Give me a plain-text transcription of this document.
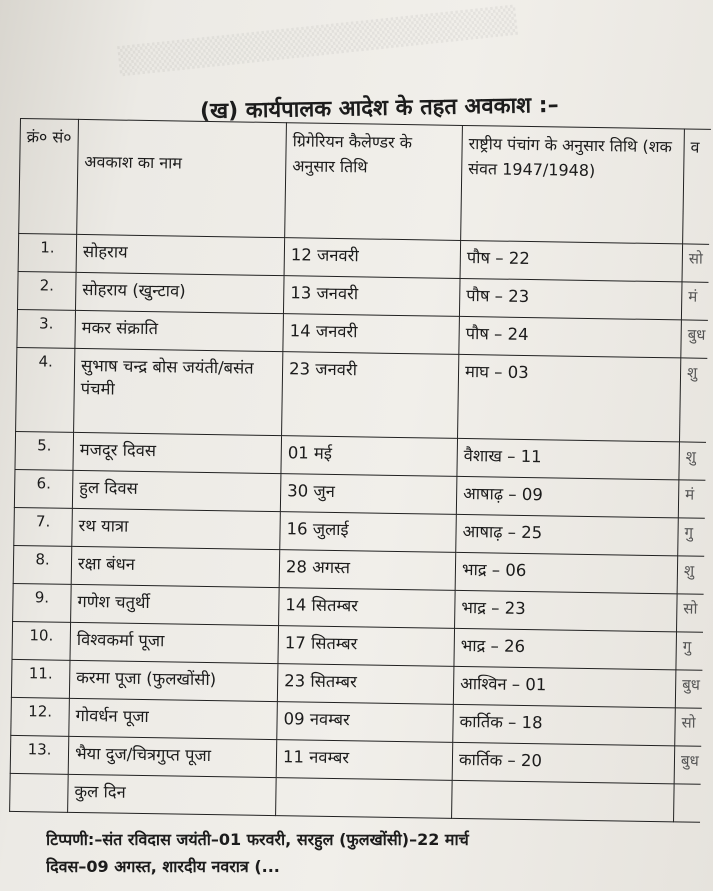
▒▒▒▒▒▒▒▒▒▒▒▒▒▒▒▒▒▒▒▒
(ख) कार्यपालक आदेश के तहत अवकाश :–
क्रं० सं०	अवकाश का नाम	ग्रिगेरियन कैलेण्डर के अनुसार तिथि	राष्ट्रीय पंचांग के अनुसार तिथि (शक संवत 1947/1948)	व
1.	सोहराय	12 जनवरी	पौष – 22	सो
2.	सोहराय (खुन्टाव)	13 जनवरी	पौष – 23	मं
3.	मकर संक्राति	14 जनवरी	पौष – 24	बुध
4.	सुभाष चन्द्र बोस जयंती/बसंत पंचमी	23 जनवरी	माघ – 03	शु
5.	मजदूर दिवस	01 मई	वैशाख – 11	शु
6.	हुल दिवस	30 जुन	आषाढ़ – 09	मं
7.	रथ यात्रा	16 जुलाई	आषाढ़ – 25	गु
8.	रक्षा बंधन	28 अगस्त	भाद्र – 06	शु
9.	गणेश चतुर्थी	14 सितम्बर	भाद्र – 23	सो
10.	विश्वकर्मा पूजा	17 सितम्बर	भाद्र – 26	गु
11.	करमा पूजा (फुलखोंसी)	23 सितम्बर	आश्विन – 01	बुध
12.	गोवर्धन पूजा	09 नवम्बर	कार्तिक – 18	सो
13.	भैया दुज/चित्रगुप्त पूजा	11 नवम्बर	कार्तिक – 20	बुध
	कुल दिन			
टिप्पणी:–संत रविदास जयंती–01 फरवरी, सरहुल (फुलखोंसी)–22 मार्च
दिवस–09 अगस्त, शारदीय नवरात्र (...
